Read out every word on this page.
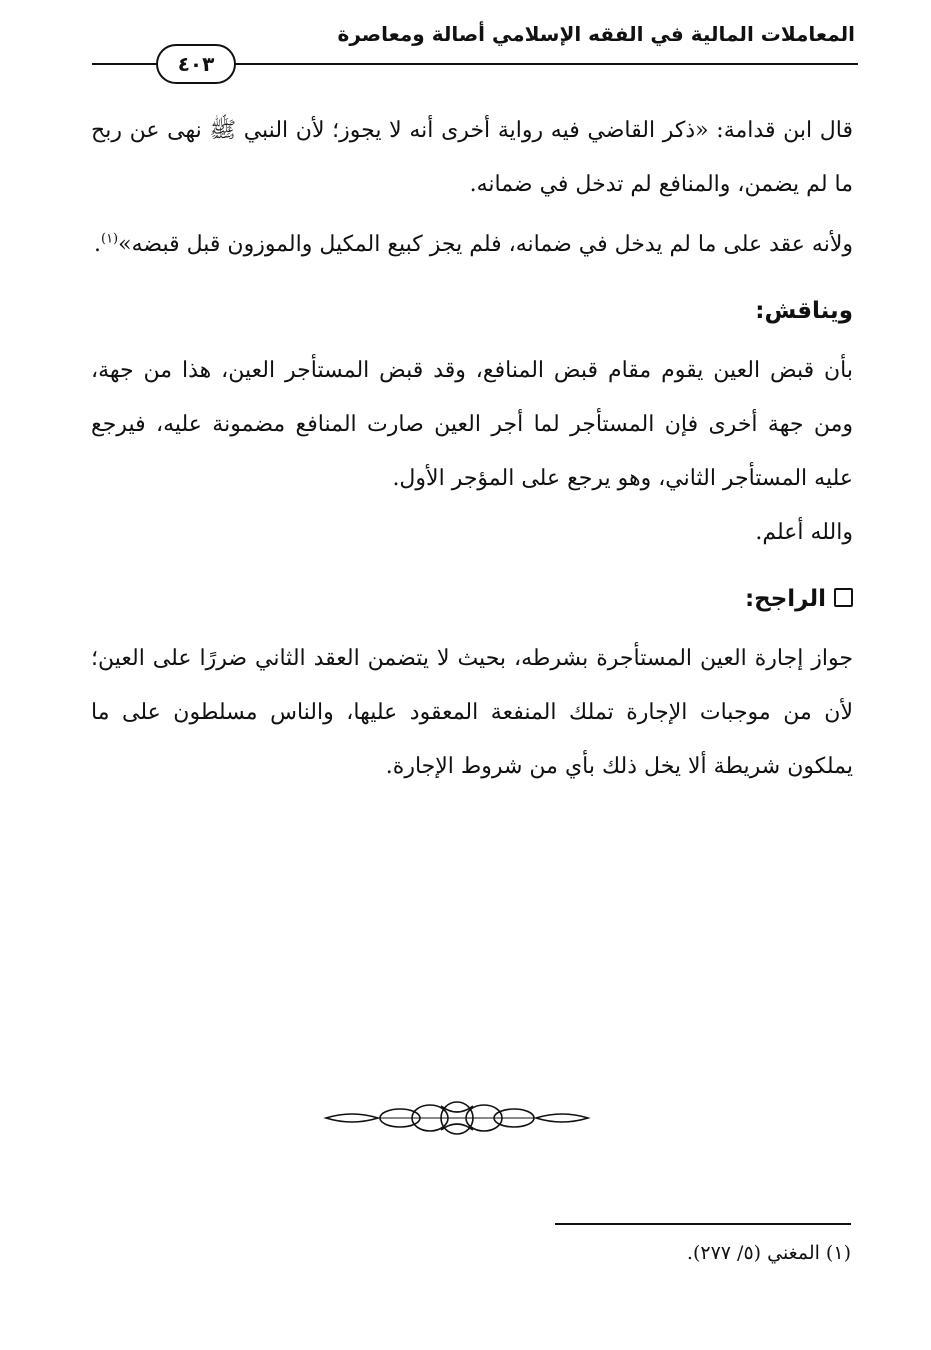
المعاملات المالية في الفقه الإسلامي أصالة ومعاصرة
٤٠٣

قال ابن قدامة: «ذكر القاضي فيه رواية أخرى أنه لا يجوز؛ لأن النبي ﷺ نهى عن ربح ما لم يضمن، والمنافع لم تدخل في ضمانه.

ولأنه عقد على ما لم يدخل في ضمانه، فلم يجز كبيع المكيل والموزون قبل قبضه»$^{(١)}$.

ويناقش:

بأن قبض العين يقوم مقام قبض المنافع، وقد قبض المستأجر العين، هذا من جهة، ومن جهة أخرى فإن المستأجر لما أجر العين صارت المنافع مضمونة عليه، فيرجع عليه المستأجر الثاني، وهو يرجع على المؤجر الأول.

والله أعلم.

الراجح:

جواز إجارة العين المستأجرة بشرطه، بحيث لا يتضمن العقد الثاني ضررًا على العين؛ لأن من موجبات الإجارة تملك المنفعة المعقود عليها، والناس مسلطون على ما يملكون شريطة ألا يخل ذلك بأي من شروط الإجارة.

(١) المغني (٥/ ٢٧٧).
